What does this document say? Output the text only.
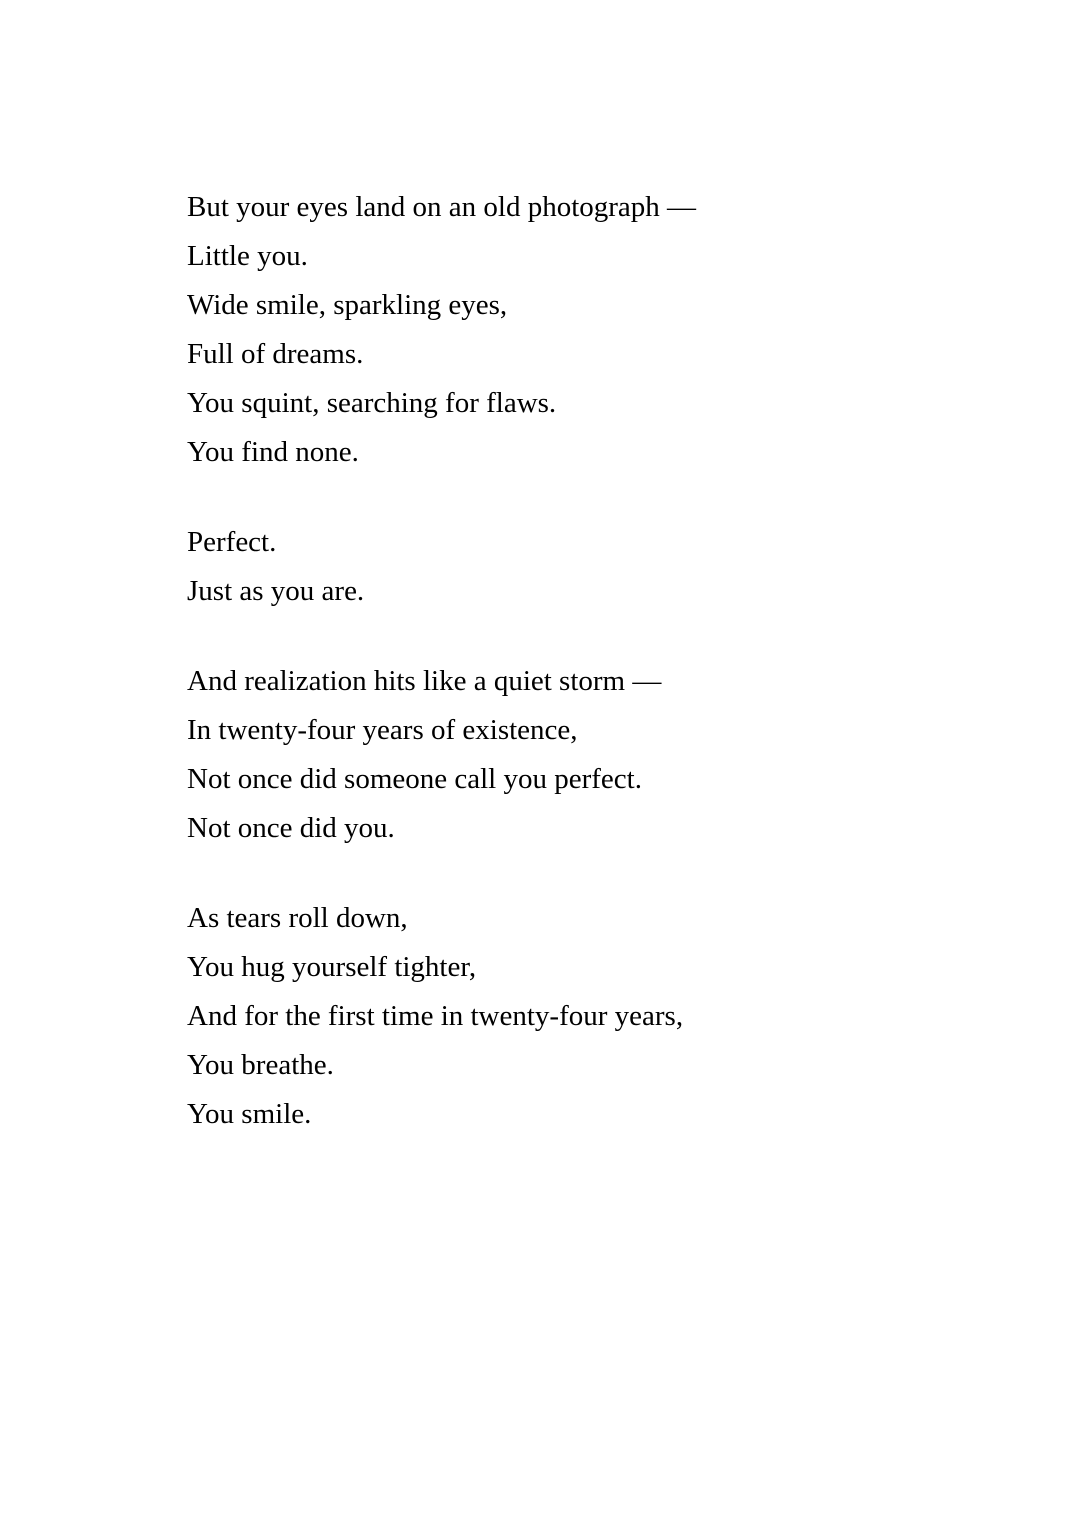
But your eyes land on an old photograph —
Little you.
Wide smile, sparkling eyes,
Full of dreams.
You squint, searching for flaws.
You find none.
Perfect.
Just as you are.
And realization hits like a quiet storm —
In twenty-four years of existence,
Not once did someone call you perfect.
Not once did you.
As tears roll down,
You hug yourself tighter,
And for the first time in twenty-four years,
You breathe.
You smile.
